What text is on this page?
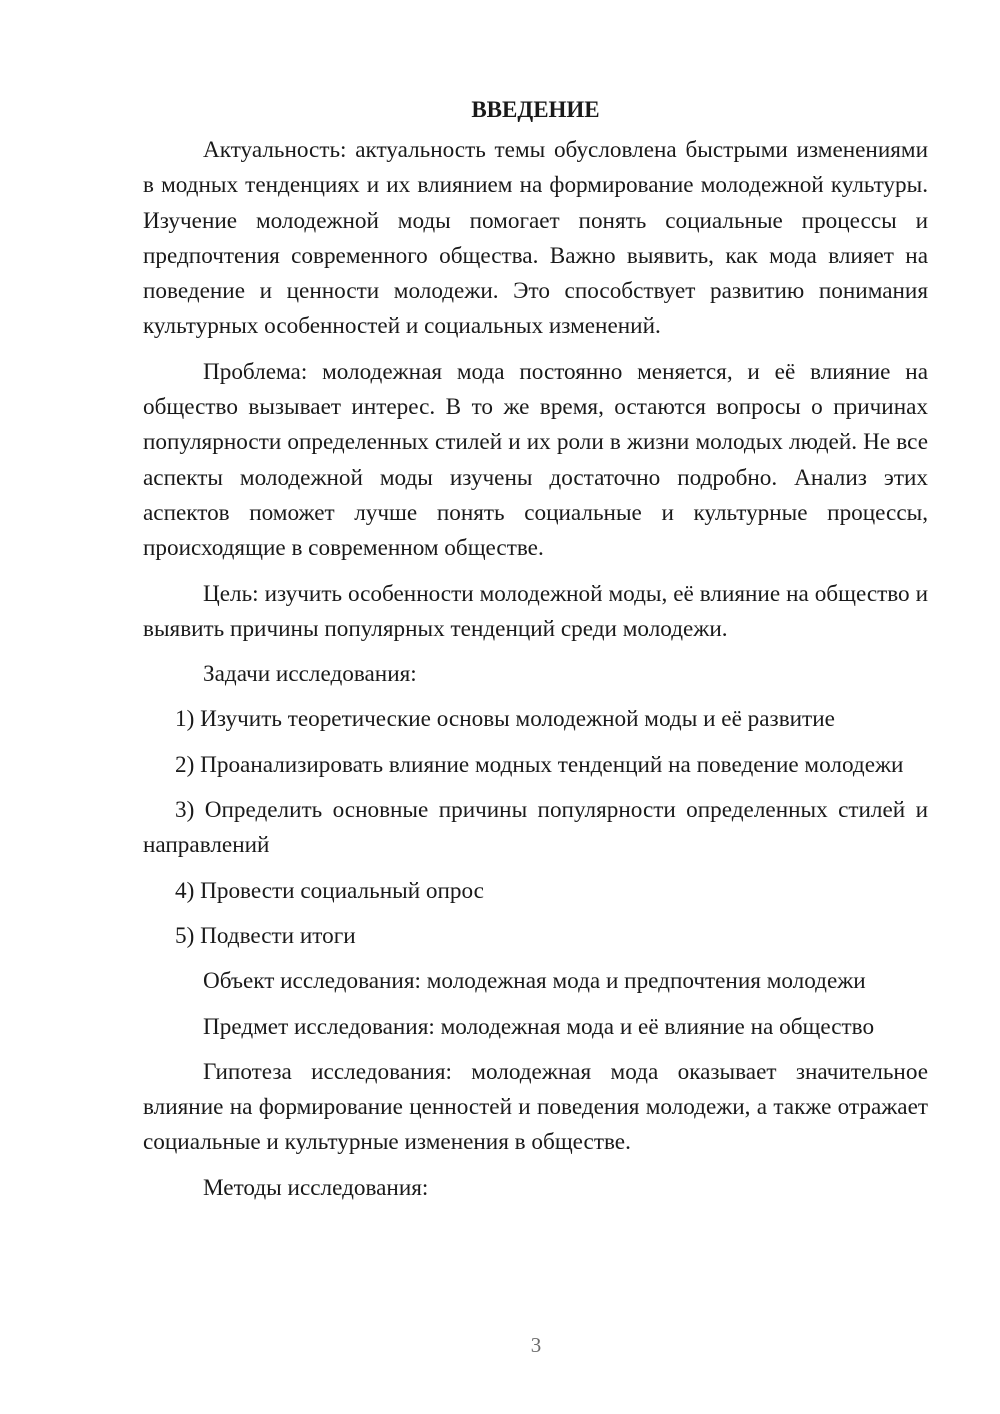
ВВЕДЕНИЕ

Актуальность: актуальность темы обусловлена быстрыми изменениями в модных тенденциях и их влиянием на формирование молодежной культуры. Изучение молодежной моды помогает понять социальные процессы и предпочтения современного общества. Важно выявить, как мода влияет на поведение и ценности молодежи. Это способствует развитию понимания культурных особенностей и социальных изменений.

Проблема: молодежная мода постоянно меняется, и её влияние на общество вызывает интерес. В то же время, остаются вопросы о причинах популярности определенных стилей и их роли в жизни молодых людей. Не все аспекты молодежной моды изучены достаточно подробно. Анализ этих аспектов поможет лучше понять социальные и культурные процессы, происходящие в современном обществе.

Цель: изучить особенности молодежной моды, её влияние на общество и выявить причины популярных тенденций среди молодежи.

Задачи исследования:

1) Изучить теоретические основы молодежной моды и её развитие

2) Проанализировать влияние модных тенденций на поведение молодежи

3) Определить основные причины популярности определенных стилей и направлений

4) Провести социальный опрос

5) Подвести итоги

Объект исследования: молодежная мода и предпочтения молодежи

Предмет исследования: молодежная мода и её влияние на общество

Гипотеза исследования: молодежная мода оказывает значительное влияние на формирование ценностей и поведения молодежи, а также отражает социальные и культурные изменения в обществе.

Методы исследования:

3
